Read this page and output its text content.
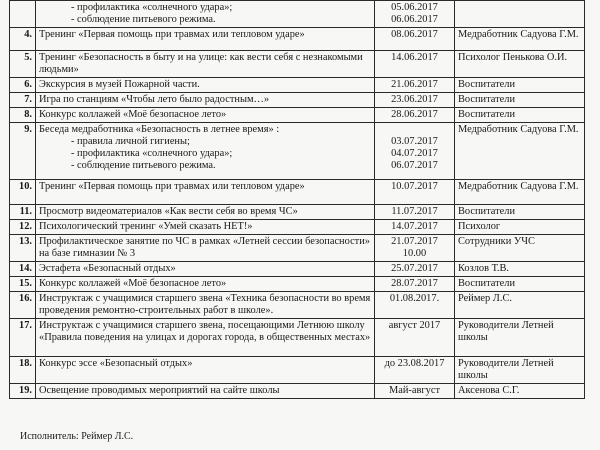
	- профилактика «солнечного удара»;
- соблюдение питьевого режима.	05.06.2017
06.06.2017	

4.	Тренинг «Первая помощь при травмах или тепловом ударе»	08.06.2017	Медработник Садуова Г.М.
5.	Тренинг «Безопасность в быту и на улице: как вести себя с незнакомыми людьми»	14.06.2017	Психолог Пенькова О.И.
6.	Экскурсия в музей Пожарной части.	21.06.2017	Воспитатели
7.	Игра по станциям «Чтобы лето было радостным…»	23.06.2017	Воспитатели
8.	Конкурс коллажей «Моё безопасное лето»	28.06.2017	Воспитатели
9.	Беседа медработника «Безопасность в летнее время» :
- правила личной гигиены;
- профилактика «солнечного удара»;
- соблюдение питьевого режима.	03.07.2017
04.07.2017
06.07.2017	Медработник Садуова Г.М.
10.	Тренинг «Первая помощь при травмах или тепловом ударе»	10.07.2017	Медработник Садуова Г.М.
11.	Просмотр видеоматериалов «Как вести себя во время ЧС»	11.07.2017	Воспитатели
12.	Психологический тренинг «Умей сказать НЕТ!»	14.07.2017	Психолог
13.	Профилактическое занятие по ЧС в рамках «Летней сессии безопасности» на базе гимназии № 3	21.07.2017
10.00	Сотрудники УЧС
14.	Эстафета «Безопасный отдых»	25.07.2017	Козлов Т.В.
15.	Конкурс коллажей «Моё безопасное лето»	28.07.2017	Воспитатели
16.	Инструктаж с учащимися старшего звена «Техника безопасности во время проведения ремонтно-строительных работ в школе».	01.08.2017.	Реймер Л.С.
17.	Инструктаж с учащимися старшего звена, посещающими Летнюю школу «Правила поведения на улицах и дорогах города, в общественных местах»	август 2017	Руководители Летней школы
18.	Конкурс эссе «Безопасный отдых»	до 23.08.2017	Руководители Летней школы
19.	Освещение проводимых мероприятий на сайте школы	Май-август	Аксенова С.Г.
Исполнитель: Реймер Л.С.
